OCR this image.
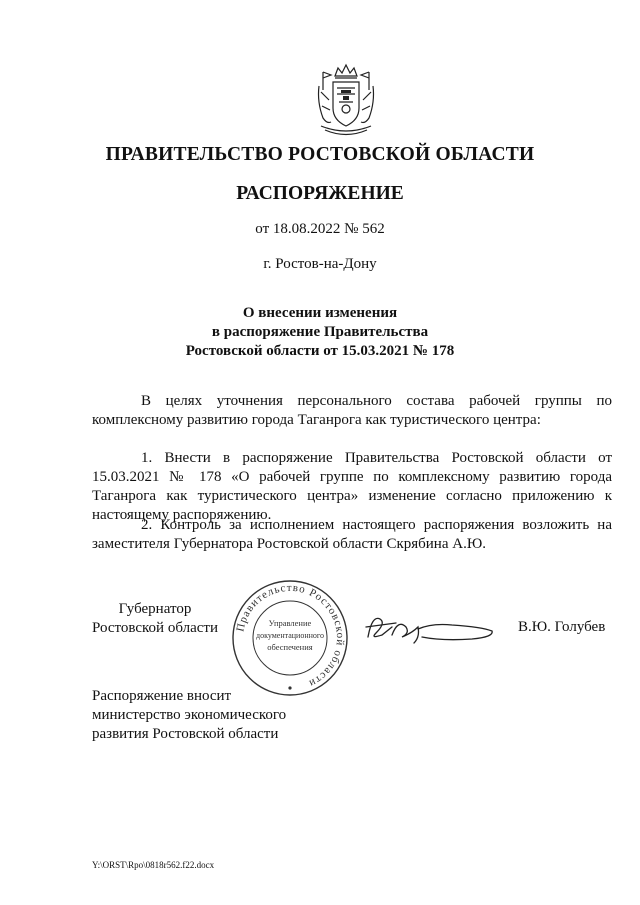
ПРАВИТЕЛЬСТВО РОСТОВСКОЙ ОБЛАСТИ
РАСПОРЯЖЕНИЕ
от 18.08.2022 № 562
г. Ростов-на-Дону
О внесении изменения
в распоряжение Правительства
Ростовской области от 15.03.2021 № 178

В целях уточнения персонального состава рабочей группы по комплексному развитию города Таганрога как туристического центра:

1. Внести в распоряжение Правительства Ростовской области от 15.03.2021 № 178 «О рабочей группе по комплексному развитию города Таганрога как туристического центра» изменение согласно приложению к настоящему распоряжению.

2. Контроль за исполнением настоящего распоряжения возложить на заместителя Губернатора Ростовской области Скрябина А.Ю.

Губернатор
Ростовской области Правительство Ростовской области
Управление
документационного
обеспечения
В.Ю. Голубев
Распоряжение вносит
министерство экономического
развития Ростовской области
Y:\ORST\Rpo\0818r562.f22.docx
